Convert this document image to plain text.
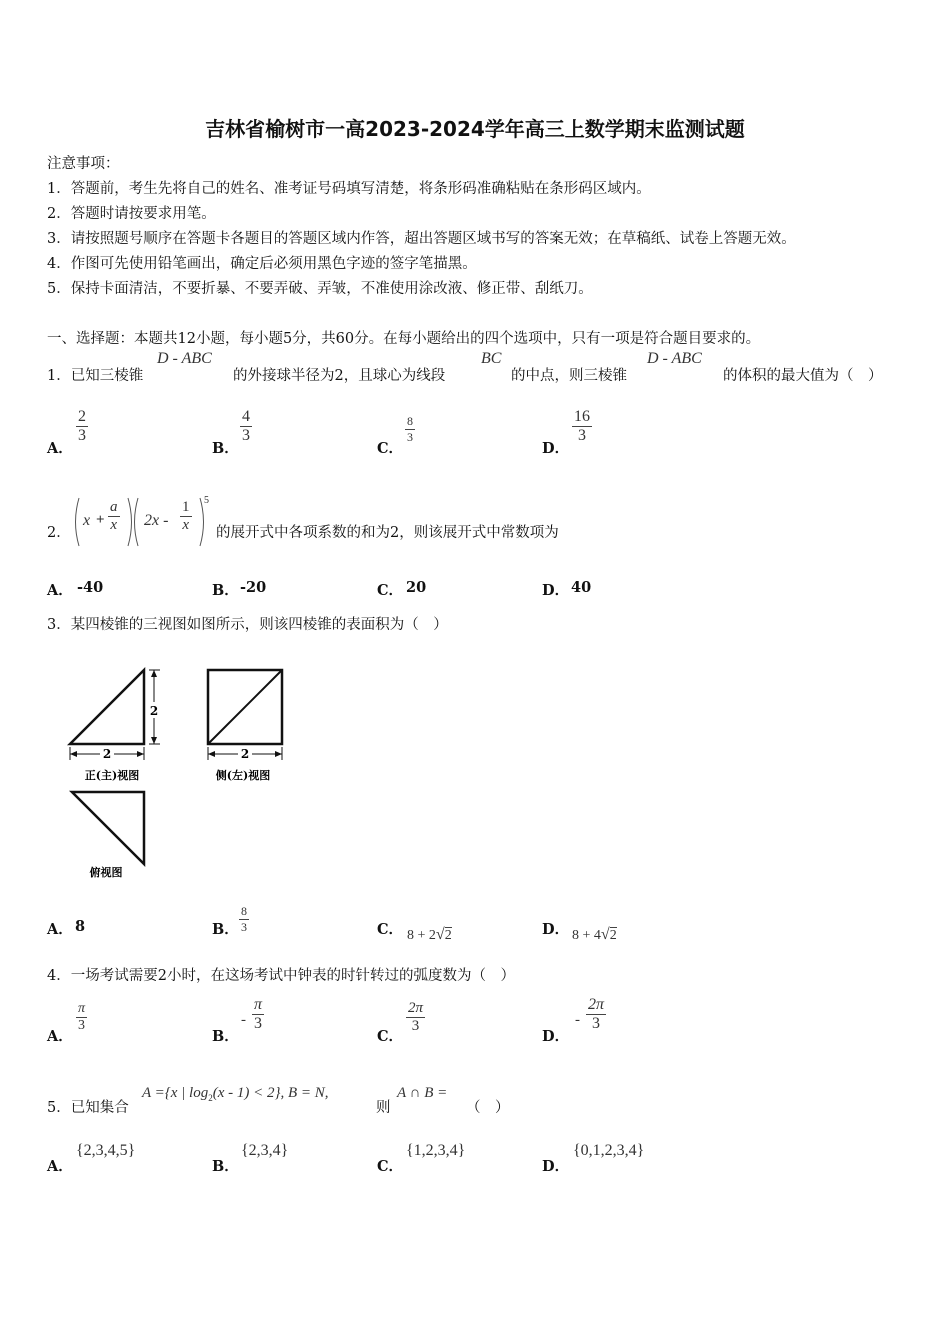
吉林省榆树市一高2023-2024学年高三上数学期末监测试题
注意事项：
1．答题前，考生先将自己的姓名、准考证号码填写清楚，将条形码准确粘贴在条形码区域内。
2．答题时请按要求用笔。
3．请按照题号顺序在答题卡各题目的答题区域内作答，超出答题区域书写的答案无效；在草稿纸、试卷上答题无效。
4．作图可先使用铅笔画出，确定后必须用黑色字迹的签字笔描黑。
5．保持卡面清洁，不要折暴、不要弄破、弄皱，不准使用涂改液、修正带、刮纸刀。
一、选择题：本题共12小题，每小题5分，共60分。在每小题给出的四个选项中，只有一项是符合题目要求的。
1．已知三棱锥
D - ABC
的外接球半径为2，且球心为线段
BC
的中点，则三棱锥
D - ABC
的体积的最大值为（　）
A．
$\frac{2}{3}$
B．
$\frac{4}{3}$
C．
$\frac{8}{3}$
D．
$\frac{16}{3}$
2．
$x + \frac{a}{x} 2x - \frac{1}{x} 5$
的展开式中各项系数的和为2，则该展开式中常数项为
A． -40	B． -20	C． 20	D． 40
3．某四棱锥的三视图如图所示，则该四棱锥的表面积为（　）
2
2
正(主)视图
2
侧(左)视图
俯视图
A． 8	B． $\frac{8}{3}$	C． 8 + 2√2	D． 8 + 4√2
4．一场考试需要2小时，在这场考试中钟表的时针转过的弧度数为（　）
A．
$\frac{\pi}{3}$
B．
- $\frac{\pi}{3}$
C．
$\frac{2\pi}{3}$
D．
- $\frac{2\pi}{3}$
5．已知集合
A ={x | $\log_2(x - 1) < 2$}, B = N,
则
A ∩ B =
（　）
A．
{2,3,4,5}
B．
{2,3,4}
C．
{1,2,3,4}
D．
{0,1,2,3,4}
